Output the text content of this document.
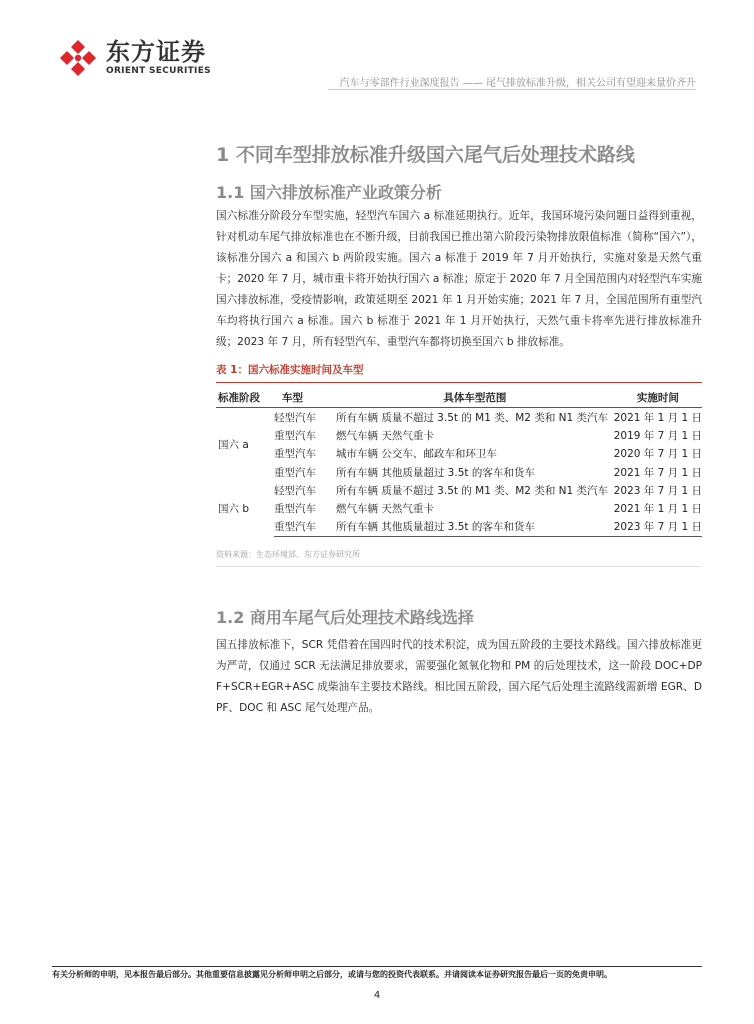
东方证券
ORIENT SECURITIES
汽车与零部件行业深度报告 —— 尾气排放标准升级，相关公司有望迎来量价齐升
1 不同车型排放标准升级国六尾气后处理技术路线
1.1 国六排放标准产业政策分析

国六标准分阶段分车型实施，轻型汽车国六 a 标准延期执行。近年，我国环境污染问题日益得到重视，针对机动车尾气排放标准也在不断升级，目前我国已推出第六阶段污染物排放限值标准（简称“国六”），该标准分国六 a 和国六 b 两阶段实施。国六 a 标准于 2019 年 7 月开始执行，实施对象是天然气重卡；2020 年 7 月，城市重卡将开始执行国六 a 标准；原定于 2020 年 7 月全国范围内对轻型汽车实施国六排放标准，受疫情影响，政策延期至 2021 年 1 月开始实施；2021 年 7 月，全国范围所有重型汽车均将执行国六 a 标准。国六 b 标准于 2021 年 1 月开始执行，天然气重卡将率先进行排放标准升级；2023 年 7 月，所有轻型汽车、重型汽车都将切换至国六 b 排放标准。

表 1：国六标准实施时间及车型
标准阶段	车型	具体车型范围	实施时间
国六 a	轻型汽车	所有车辆 质量不超过 3.5t 的 M1 类、M2 类和 N1 类汽车	2021 年 1 月 1 日
	重型汽车	燃气车辆 天然气重卡	2019 年 7 月 1 日
	重型汽车	城市车辆 公交车、邮政车和环卫车	2020 年 7 月 1 日
	重型汽车	所有车辆 其他质量超过 3.5t 的客车和货车	2021 年 7 月 1 日
国六 b	轻型汽车	所有车辆 质量不超过 3.5t 的 M1 类、M2 类和 N1 类汽车	2023 年 7 月 1 日
	重型汽车	燃气车辆 天然气重卡	2021 年 1 月 1 日
	重型汽车	所有车辆 其他质量超过 3.5t 的客车和货车	2023 年 7 月 1 日
资料来源：生态环境部、东方证券研究所
1.2 商用车尾气后处理技术路线选择

国五排放标准下，SCR 凭借着在国四时代的技术积淀，成为国五阶段的主要技术路线。国六排放标准更为严苛，仅通过 SCR 无法满足排放要求，需要强化氮氧化物和 PM 的后处理技术，这一阶段 DOC+DPF+SCR+EGR+ASC 成柴油车主要技术路线。相比国五阶段，国六尾气后处理主流路线需新增 EGR、DPF、DOC 和 ASC 尾气处理产品。

有关分析师的申明，见本报告最后部分。其他重要信息披露见分析师申明之后部分，或请与您的投资代表联系。并请阅读本证券研究报告最后一页的免责申明。
4
